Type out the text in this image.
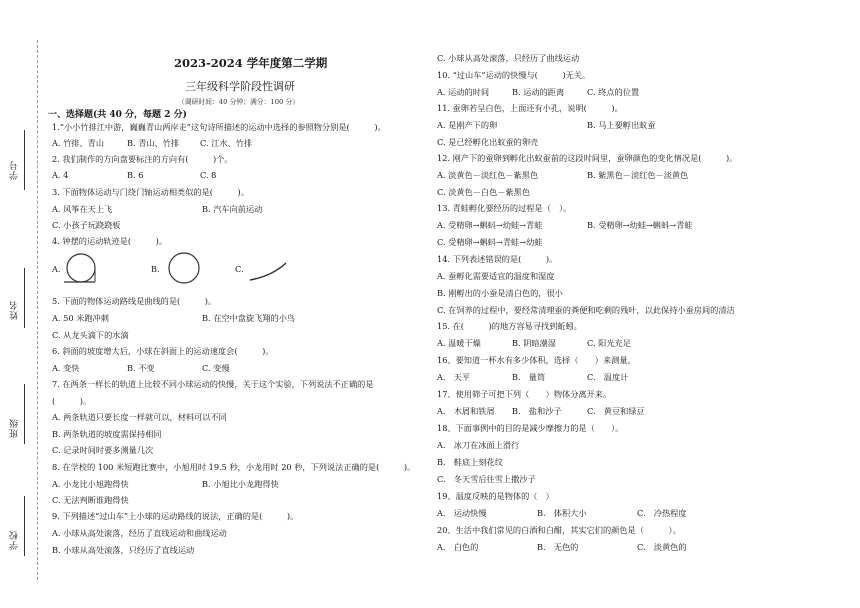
学号
姓名
班级
学校
2023-2024 学年度第二学期
三年级科学阶段性调研
（调研时间：40 分钟；满分：100 分）
一、选择题(共 40 分，每题 2 分)
1.“小小竹排江中游，巍巍青山两岸走”这句诗所描述的运动中选择的参照物分别是(　　　)。
A. 竹排、青山	B. 青山、竹排	C. 江水、竹排
2. 我们制作的方向盘要标注的方向有(　　　)个。
A. 4	B. 6	C. 8
3. 下面物体运动与门绕门轴运动相类似的是(　　　)。
A. 风筝在天上飞	B. 汽车向前运动
C. 小孩子玩跷跷板
4. 钟摆的运动轨迹是(　　　)。
A.	B.	C.
5. 下面的物体运动路线是曲线的是(　　　)。
A. 50 米跑冲刺	B. 在空中盘旋飞翔的小鸟
C. 从龙头滴下的水滴
6. 斜面的坡度增大后，小球在斜面上的运动速度会(　　　)。
A. 变快	B. 不变	C. 变慢
7. 在两条一样长的轨道上比较不同小球运动的快慢，关于这个实验，下列说法不正确的是
(　　　)。
A. 两条轨道只要长度一样就可以，材料可以不同
B. 两条轨道的坡度需保持相同
C. 记录时间时要多测量几次
8. 在学校的 100 米短跑比赛中，小旭用时 19.5 秒，小龙用时 20 秒，下列说法正确的是(　　　)。
A. 小龙比小旭跑得快	B. 小旭比小龙跑得快
C. 无法判断谁跑得快
9. 下列描述“过山车”上小球的运动路线的说法，正确的是(　　　)。
A. 小球从高处滚落，经历了直线运动和曲线运动
B. 小球从高处滚落，只经历了直线运动
C. 小球从高处滚落，只经历了曲线运动
10. “过山车”运动的快慢与(　　　)无关。
A. 运动的时间	B. 运动的距离	C. 终点的位置
11. 蚕卵若呈白色，上面还有小孔，说明(　　　)。
A. 是刚产下的卵	B. 马上要孵出蚁蚕
C. 是已经孵化出蚁蚕的卵壳
12. 刚产下的蚕卵到孵化出蚁蚕前的这段时间里，蚕卵颜色的变化情况是(　　　)。
A. 淡黄色－淡红色－紫黑色	B. 紫黑色－淡红色－淡黄色
C. 淡黄色－白色－紫黑色
13. 青蛙孵化要经历的过程是（　）。
A. 受精卵→蝌蚪→幼蛙→青蛙	B. 受精卵→幼蛙→蝌蚪→青蛙
C. 受精卵→蝌蚪→青蛙→幼蛙
14. 下列表述错误的是(　　　)。
A. 蚕孵化需要适宜的温度和湿度
B. 刚孵出的小蚕是清白色的，很小
C. 在饲养的过程中，要经常清理蚕的粪便和吃剩的残叶，以此保持小蚕房间的清洁
15. 在(　　　)的地方容易寻找到蚯蚓。
A. 温暖干燥	B. 阴暗潮湿	C. 阳光充足
16、要知道一杯水有多少体积，选择（　　）来测量。
A.　天平	B.　量筒	C.　温度计
17、使用筛子可把下列（　　）物体分离开来。
A.　木屑和铁屑 B.　盐和沙子	C.　黄豆和绿豆
18、下面事例中的目的是减少摩擦力的是（　　）。
A.　冰刀在冰面上滑行
B.　鞋底上刻花纹
C.　冬天雪后往雪上撒沙子
19、温度反映的是物体的（　）
A.　运动快慢	B.　体积大小	C.　冷热程度
20、生活中我们常见的白酒和白醋，其实它们的颜色是（　　　）。
A.　白色的	B.　无色的	C.　淡黄色的
